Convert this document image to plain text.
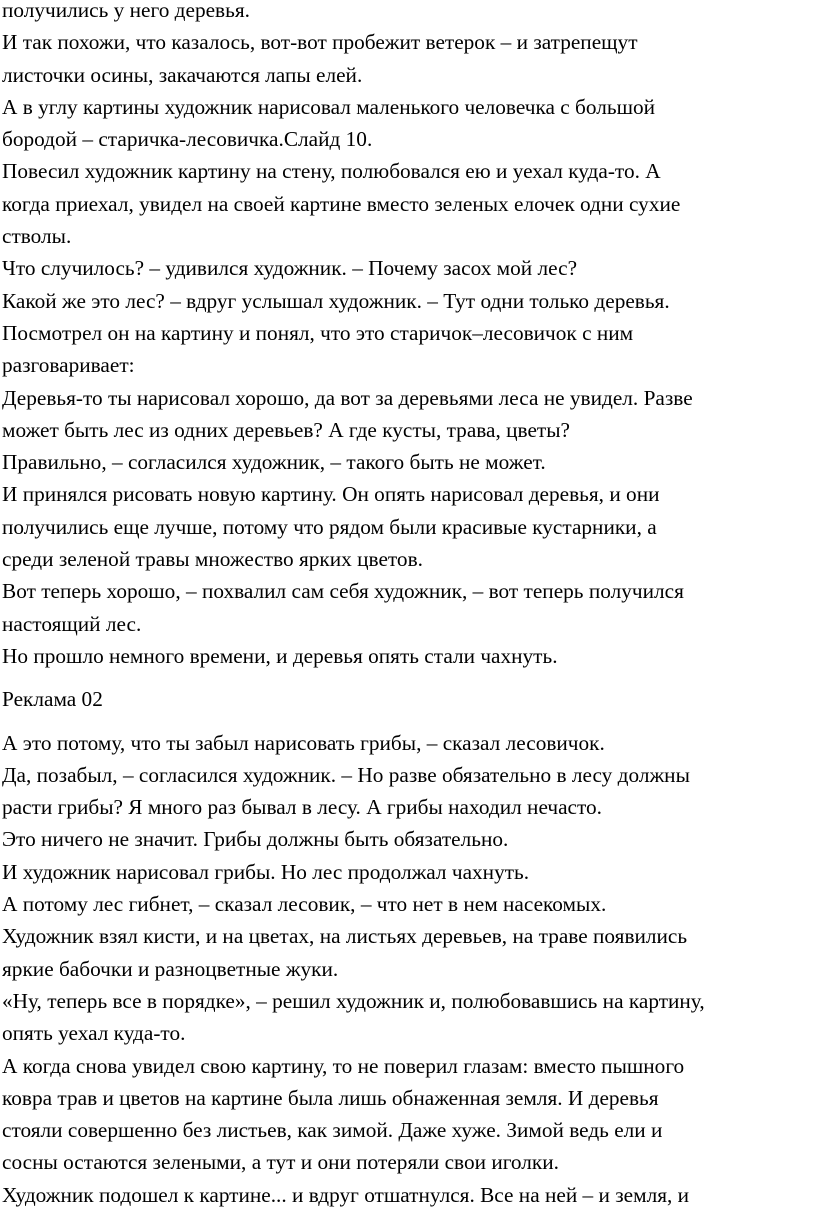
получились у него деревья.
И так похожи, что казалось, вот-вот пробежит ветерок – и затрепещут
листочки осины, закачаются лапы елей.
А в углу картины художник нарисовал маленького человечка с большой
бородой – старичка-лесовичка.Слайд 10.
Повесил художник картину на стену, полюбовался ею и уехал куда-то. А
когда приехал, увидел на своей картине вместо зеленых елочек одни сухие
стволы.
Что случилось? – удивился художник. – Почему засох мой лес?
Какой же это лес? – вдруг услышал художник. – Тут одни только деревья.
Посмотрел он на картину и понял, что это старичок–лесовичок с ним
разговаривает:
Деревья-то ты нарисовал хорошо, да вот за деревьями леса не увидел. Разве
может быть лес из одних деревьев? А где кусты, трава, цветы?
Правильно, – согласился художник, – такого быть не может.
И принялся рисовать новую картину. Он опять нарисовал деревья, и они
получились еще лучше, потому что рядом были красивые кустарники, а
среди зеленой травы множество ярких цветов.
Вот теперь хорошо, – похвалил сам себя художник, – вот теперь получился
настоящий лес.
Но прошло немного времени, и деревья опять стали чахнуть.
Реклама 02
А это потому, что ты забыл нарисовать грибы, – сказал лесовичок.
Да, позабыл, – согласился художник. – Но разве обязательно в лесу должны
расти грибы? Я много раз бывал в лесу. А грибы находил нечасто.
Это ничего не значит. Грибы должны быть обязательно.
И художник нарисовал грибы. Но лес продолжал чахнуть.
А потому лес гибнет, – сказал лесовик, – что нет в нем насекомых.
Художник взял кисти, и на цветах, на листьях деревьев, на траве появились
яркие бабочки и разноцветные жуки.
«Ну, теперь все в порядке», – решил художник и, полюбовавшись на картину,
опять уехал куда-то.
А когда снова увидел свою картину, то не поверил глазам: вместо пышного
ковра трав и цветов на картине была лишь обнаженная земля. И деревья
стояли совершенно без листьев, как зимой. Даже хуже. Зимой ведь ели и
сосны остаются зелеными, а тут и они потеряли свои иголки.
Художник подошел к картине... и вдруг отшатнулся. Все на ней – и земля, и
